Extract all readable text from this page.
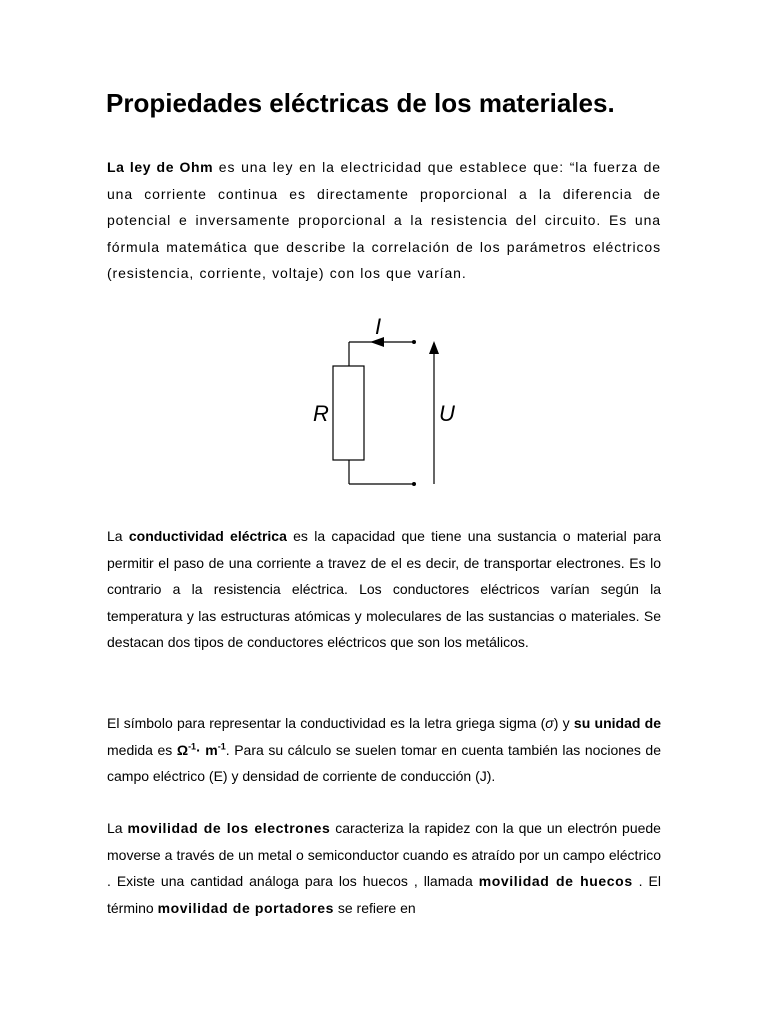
Propiedades eléctricas de los materiales.

La ley de Ohm es una ley en la electricidad que establece que: “la fuerza de una corriente continua es directamente proporcional a la diferencia de potencial e inversamente proporcional a la resistencia del circuito. Es una fórmula matemática que describe la correlación de los parámetros eléctricos (resistencia, corriente, voltaje) con los que varían.

I
R	U

La conductividad eléctrica es la capacidad que tiene una sustancia o material para permitir el paso de una corriente a travez de el es decir, de transportar electrones. Es lo contrario a la resistencia eléctrica. Los conductores eléctricos varían según la temperatura y las estructuras atómicas y moleculares de las sustancias o materiales. Se destacan dos tipos de conductores eléctricos que son los metálicos.

El símbolo para representar la conductividad es la letra griega sigma (σ) y su unidad de medida es $\Omega^{-1}\cdot m^{-1}$. Para su cálculo se suelen tomar en cuenta también las nociones de campo eléctrico (E) y densidad de corriente de conducción (J).

La movilidad de los electrones caracteriza la rapidez con la que un electrón puede moverse a través de un metal o semiconductor cuando es atraído por un campo eléctrico . Existe una cantidad análoga para los huecos , llamada movilidad de huecos . El término movilidad de portadores se refiere en
